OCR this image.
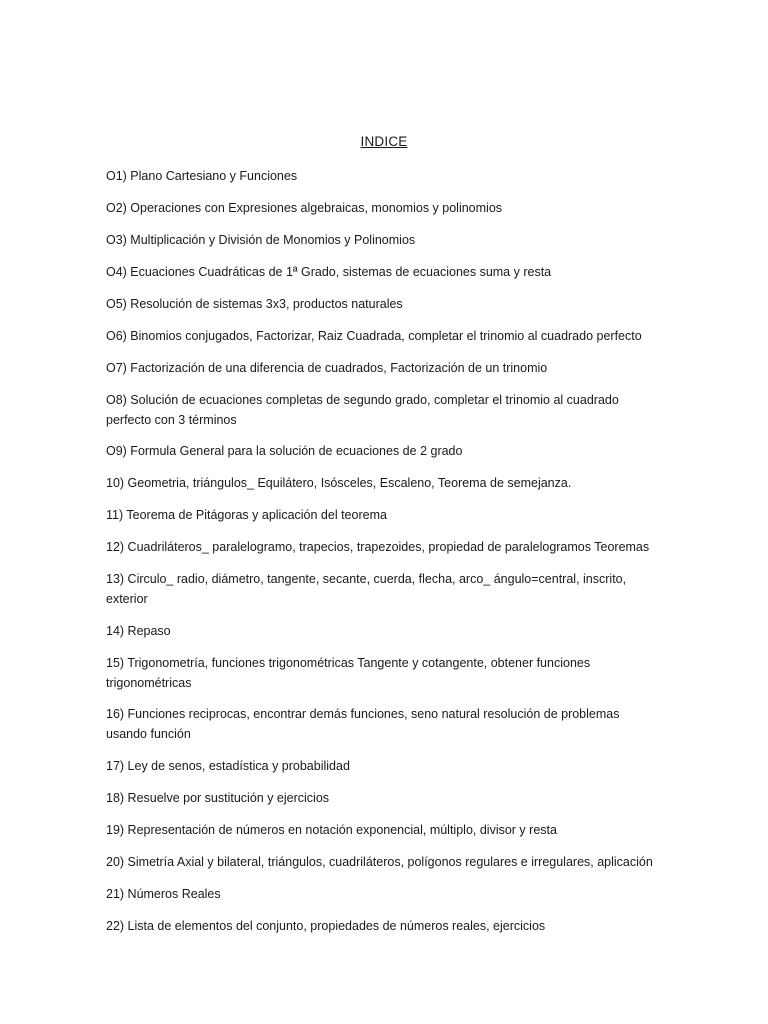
INDICE
O1) Plano Cartesiano y Funciones
O2) Operaciones con Expresiones algebraicas, monomios y polinomios
O3) Multiplicación y División de Monomios y Polinomios
O4) Ecuaciones Cuadráticas de 1ª Grado, sistemas de ecuaciones suma y resta
O5) Resolución de sistemas 3x3, productos naturales
O6) Binomios conjugados, Factorizar, Raiz Cuadrada, completar el trinomio al cuadrado perfecto
O7) Factorización de una diferencia de cuadrados, Factorización de un trinomio
O8) Solución de ecuaciones completas de segundo grado, completar el trinomio al cuadrado
perfecto con 3 términos
O9) Formula General para la solución de ecuaciones de 2 grado
10) Geometria, triángulos_ Equilátero, Isósceles, Escaleno, Teorema de semejanza.
11) Teorema de Pitágoras y aplicación del teorema
12) Cuadriláteros_ paralelogramo, trapecios, trapezoides, propiedad de paralelogramos Teoremas
13) Circulo_ radio, diámetro, tangente, secante, cuerda, flecha, arco_ ángulo=central, inscrito,
exterior
14) Repaso
15) Trigonometría, funciones trigonométricas Tangente y cotangente, obtener funciones
trigonométricas
16) Funciones reciprocas, encontrar demás funciones, seno natural resolución de problemas
usando función
17) Ley de senos, estadística y probabilidad
18) Resuelve por sustitución y ejercicios
19) Representación de números en notación exponencial, múltiplo, divisor y resta
20) Simetría Axial y bilateral, triángulos, cuadriláteros, polígonos regulares e irregulares, aplicación
21) Números Reales
22) Lista de elementos del conjunto, propiedades de números reales, ejercicios
